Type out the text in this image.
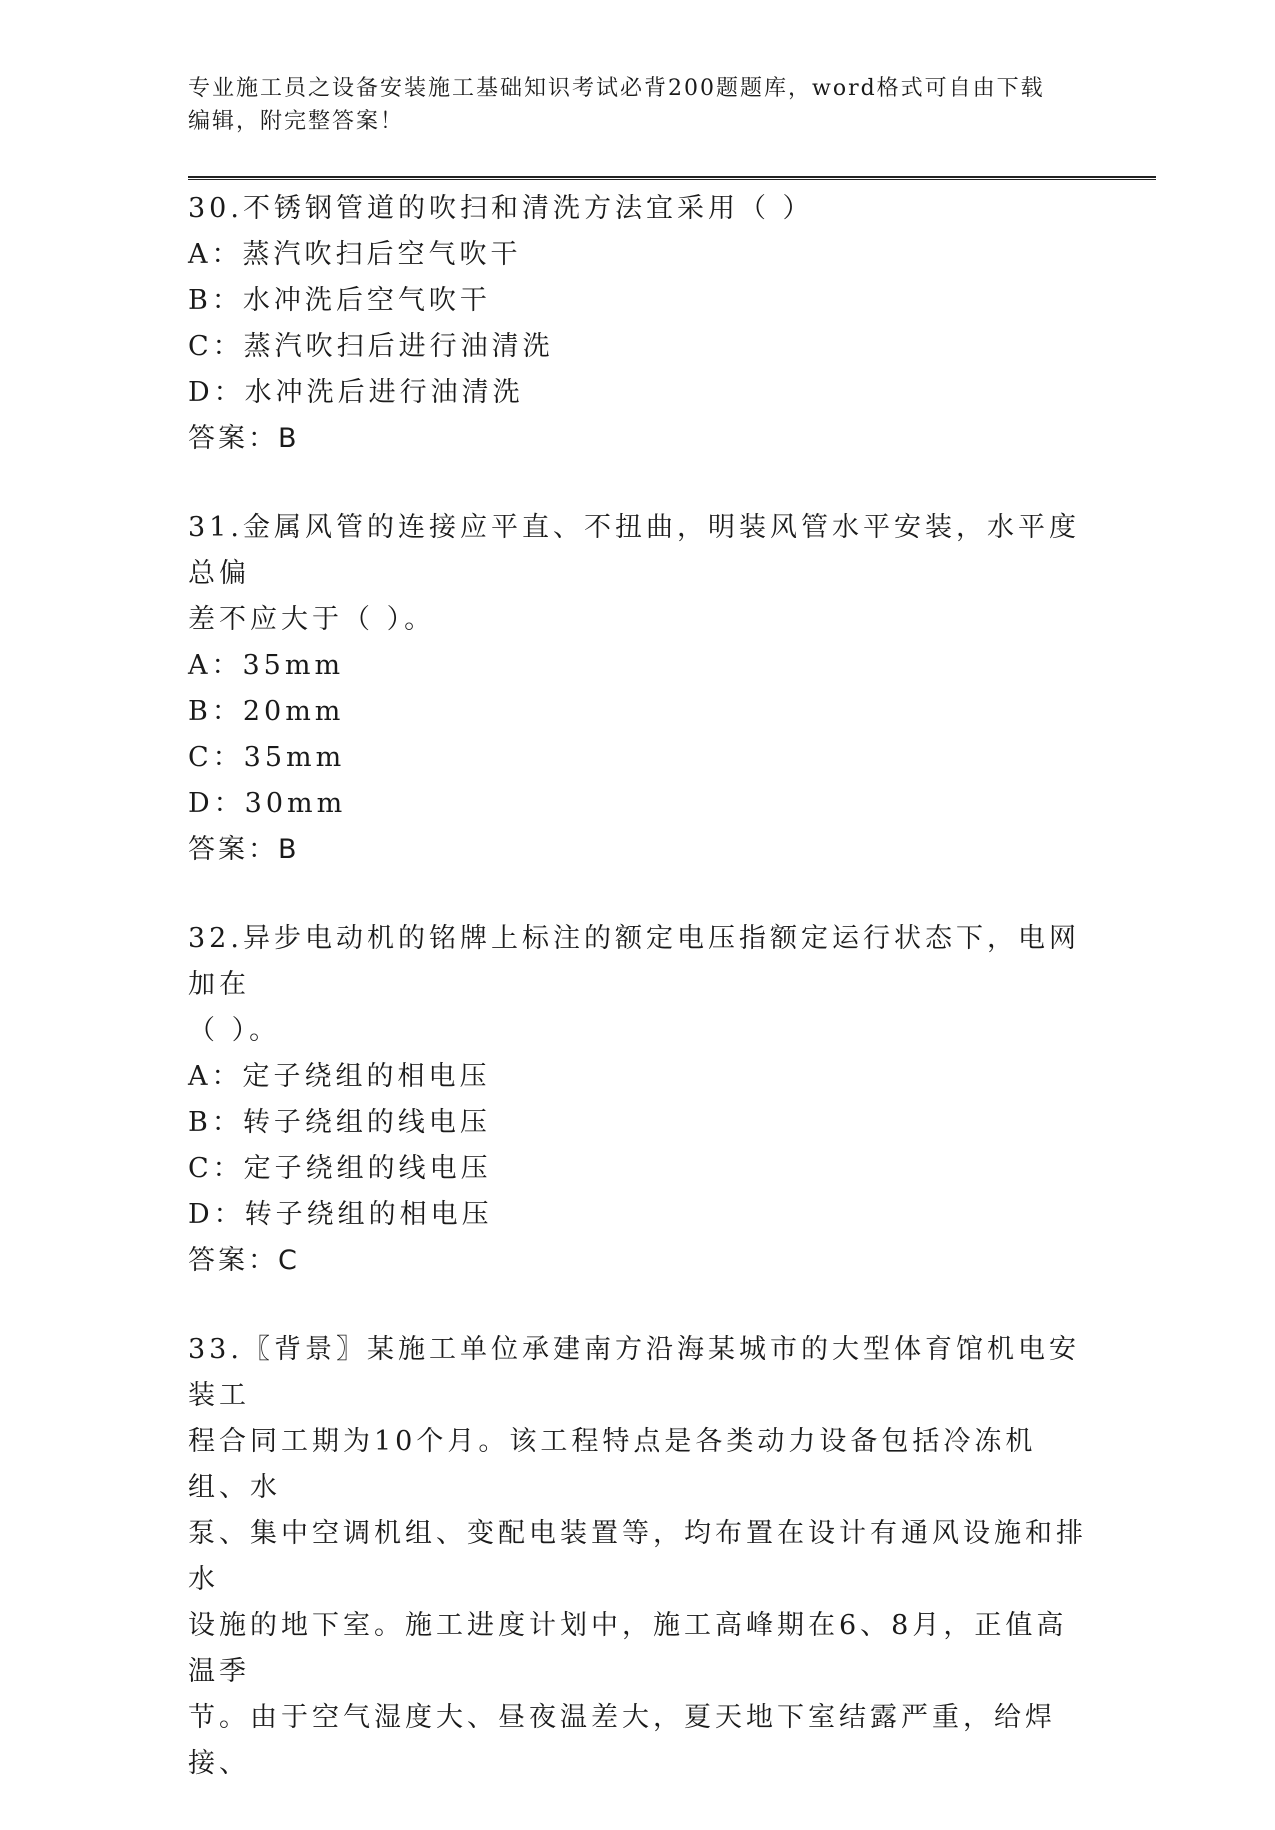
专业施工员之设备安装施工基础知识考试必背200题题库，word格式可自由下载
编辑，附完整答案！
30.不锈钢管道的吹扫和清洗方法宜采用（ ）
A：蒸汽吹扫后空气吹干
B：水冲洗后空气吹干
C：蒸汽吹扫后进行油清洗
D：水冲洗后进行油清洗
答案：B
31.金属风管的连接应平直、不扭曲，明装风管水平安装，水平度总偏
差不应大于（ ）。
A：35mm
B：20mm
C：35mm
D：30mm
答案：B
32.异步电动机的铭牌上标注的额定电压指额定运行状态下，电网加在
（ ）。
A：定子绕组的相电压
B：转子绕组的线电压
C：定子绕组的线电压
D：转子绕组的相电压
答案：C
33.〖背景〗某施工单位承建南方沿海某城市的大型体育馆机电安装工
程合同工期为10个月。该工程特点是各类动力设备包括冷冻机组、水
泵、集中空调机组、变配电装置等，均布置在设计有通风设施和排水
设施的地下室。施工进度计划中，施工高峰期在6、8月，正值高温季
节。由于空气湿度大、昼夜温差大，夏天地下室结露严重，给焊接、
